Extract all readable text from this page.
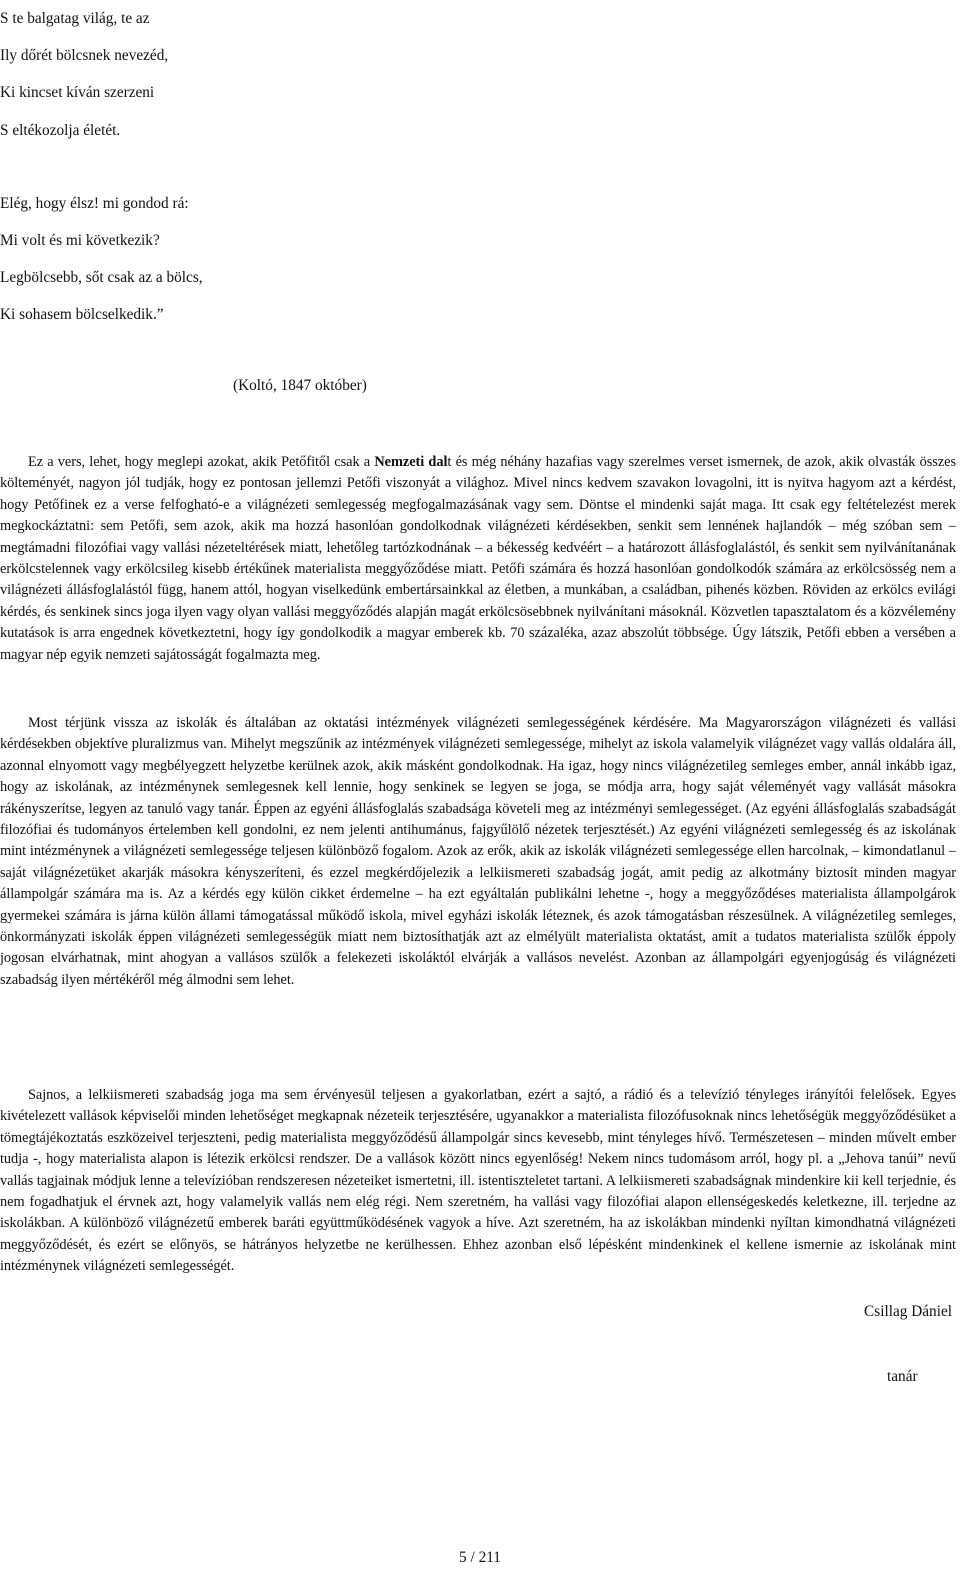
S te balgatag világ, te az
Ily dőrét bölcsnek nevezéd,
Ki kincset kíván szerzeni
S eltékozolja életét.
Elég, hogy élsz! mi gondod rá:
Mi volt és mi következik?
Legbölcsebb, sőt csak az a bölcs,
Ki sohasem bölcselkedik.”
(Koltó, 1847 október)

Ez a vers, lehet, hogy meglepi azokat, akik Petőfitől csak a Nemzeti dalt és még néhány hazafias vagy szerelmes verset ismernek, de azok, akik olvasták összes költeményét, nagyon jól tudják, hogy ez pontosan jellemzi Petőfi viszonyát a világhoz. Mivel nincs kedvem szavakon lovagolni, itt is nyitva hagyom azt a kérdést, hogy Petőfinek ez a verse felfogható-e a világnézeti semlegesség megfogalmazásának vagy sem. Döntse el mindenki saját maga. Itt csak egy feltételezést merek megkockáztatni: sem Petőfi, sem azok, akik ma hozzá hasonlóan gondolkodnak világnézeti kérdésekben, senkit sem lennének hajlandók – még szóban sem – megtámadni filozófiai vagy vallási nézeteltérések miatt, lehetőleg tartózkodnának – a békesség kedvéért – a határozott állásfoglalástól, és senkit sem nyilvánítanának erkölcstelennek vagy erkölcsileg kisebb értékűnek materialista meggyőződése miatt. Petőfi számára és hozzá hasonlóan gondolkodók számára az erkölcsösség nem a világnézeti állásfoglalástól függ, hanem attól, hogyan viselkedünk embertársainkkal az életben, a munkában, a családban, pihenés közben. Röviden az erkölcs evilági kérdés, és senkinek sincs joga ilyen vagy olyan vallási meggyőződés alapján magát erkölcsösebbnek nyilvánítani másoknál. Közvetlen tapasztalatom és a közvélemény kutatások is arra engednek következtetni, hogy így gondolkodik a magyar emberek kb. 70 százaléka, azaz abszolút többsége. Úgy látszik, Petőfi ebben a versében a magyar nép egyik nemzeti sajátosságát fogalmazta meg.

Most térjünk vissza az iskolák és általában az oktatási intézmények világnézeti semlegességének kérdésére. Ma Magyarországon világnézeti és vallási kérdésekben objektíve pluralizmus van. Mihelyt megszűnik az intézmények világnézeti semlegessége, mihelyt az iskola valamelyik világnézet vagy vallás oldalára áll, azonnal elnyomott vagy megbélyegzett helyzetbe kerülnek azok, akik másként gondolkodnak. Ha igaz, hogy nincs világnézetileg semleges ember, annál inkább igaz, hogy az iskolának, az intézménynek semlegesnek kell lennie, hogy senkinek se legyen se joga, se módja arra, hogy saját véleményét vagy vallását másokra rákényszerítse, legyen az tanuló vagy tanár. Éppen az egyéni állásfoglalás szabadsága követeli meg az intézményi semlegességet. (Az egyéni állásfoglalás szabadságát filozófiai és tudományos értelemben kell gondolni, ez nem jelenti antihumánus, fajgyűlölő nézetek terjesztését.) Az egyéni világnézeti semlegesség és az iskolának mint intézménynek a világnézeti semlegessége teljesen különböző fogalom. Azok az erők, akik az iskolák világnézeti semlegessége ellen harcolnak, – kimondatlanul – saját világnézetüket akarják másokra kényszeríteni, és ezzel megkérdőjelezik a lelkiismereti szabadság jogát, amit pedig az alkotmány biztosít minden magyar állampolgár számára ma is. Az a kérdés egy külön cikket érdemelne – ha ezt egyáltalán publikálni lehetne -, hogy a meggyőződéses materialista állampolgárok gyermekei számára is járna külön állami támogatással működő iskola, mivel egyházi iskolák léteznek, és azok támogatásban részesülnek. A világnézetileg semleges, önkormányzati iskolák éppen világnézeti semlegességük miatt nem biztosíthatják azt az elmélyült materialista oktatást, amit a tudatos materialista szülők éppoly jogosan elvárhatnak, mint ahogyan a vallásos szülők a felekezeti iskoláktól elvárják a vallásos nevelést. Azonban az állampolgári egyenjogúság és világnézeti szabadság ilyen mértékéről még álmodni sem lehet.

Sajnos, a lelkiismereti szabadság joga ma sem érvényesül teljesen a gyakorlatban, ezért a sajtó, a rádió és a televízió tényleges irányítói felelősek. Egyes kivételezett vallások képviselői minden lehetőséget megkapnak nézeteik terjesztésére, ugyanakkor a materialista filozófusoknak nincs lehetőségük meggyőződésüket a tömegtájékoztatás eszközeivel terjeszteni, pedig materialista meggyőződésű állampolgár sincs kevesebb, mint tényleges hívő. Természetesen – minden művelt ember tudja -, hogy materialista alapon is létezik erkölcsi rendszer. De a vallások között nincs egyenlőség! Nekem nincs tudomásom arról, hogy pl. a „Jehova tanúi” nevű vallás tagjainak módjuk lenne a televízióban rendszeresen nézeteiket ismertetni, ill. istentiszteletet tartani. A lelkiismereti szabadságnak mindenkire kii kell terjednie, és nem fogadhatjuk el érvnek azt, hogy valamelyik vallás nem elég régi. Nem szeretném, ha vallási vagy filozófiai alapon ellenségeskedés keletkezne, ill. terjedne az iskolákban. A különböző világnézetű emberek baráti együttműködésének vagyok a híve. Azt szeretném, ha az iskolákban mindenki nyíltan kimondhatná világnézeti meggyőződését, és ezért se előnyös, se hátrányos helyzetbe ne kerülhessen. Ehhez azonban első lépésként mindenkinek el kellene ismernie az iskolának mint intézménynek világnézeti semlegességét.

Csillag Dániel
tanár
5 / 211
